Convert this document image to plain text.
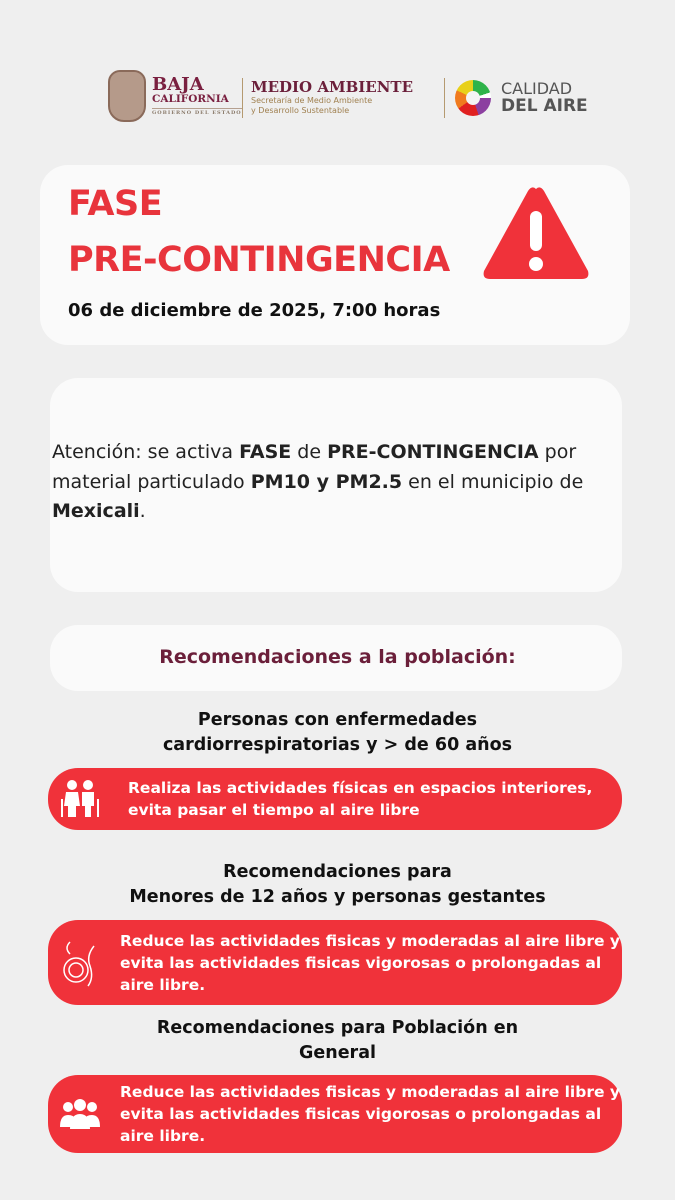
BAJA
CALIFORNIA
GOBIERNO DEL ESTADO
MEDIO AMBIENTE
Secretaría de Medio Ambiente
y Desarrollo Sustentable
CALIDAD
DEL AIRE
FASE
PRE-CONTINGENCIA
06 de diciembre de 2025, 7:00 horas
Atención: se activa FASE de PRE-CONTINGENCIA por material particulado PM10 y PM2.5 en el municipio de Mexicali.
Recomendaciones a la población:
Personas con enfermedades
cardiorrespiratorias y > de 60 años
Realiza las actividades físicas en espacios interiores, evita pasar el tiempo al aire libre
Recomendaciones para
Menores de 12 años y personas gestantes
Reduce las actividades fisicas y moderadas al aire libre y evita las actividades fisicas vigorosas o prolongadas al aire libre.
Recomendaciones para Población en
General
Reduce las actividades fisicas y moderadas al aire libre y evita las actividades fisicas vigorosas o prolongadas al aire libre.
